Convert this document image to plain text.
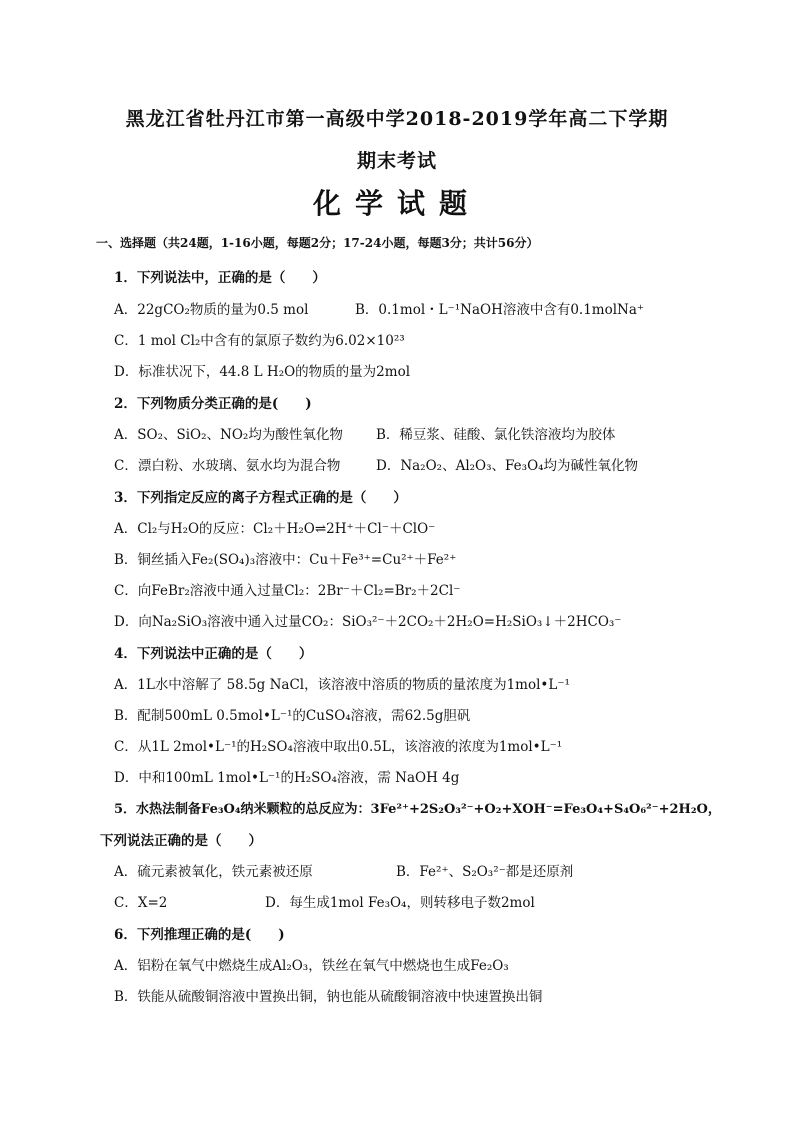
黑龙江省牡丹江市第一高级中学2018-2019学年高二下学期
期末考试
化学试题
一、选择题（共24题，1-16小题，每题2分；17-24小题，每题3分；共计56分）
1．下列说法中，正确的是（　　）
A．22gCO₂物质的量为0.5 mol	B．0.1mol・L⁻¹NaOH溶液中含有0.1molNa⁺
C．1 mol Cl₂中含有的氯原子数约为6.02×10²³
D．标准状况下，44.8 L H₂O的物质的量为2mol
2．下列物质分类正确的是(　　)
A．SO₂、SiO₂、NO₂均为酸性氧化物 B．稀豆浆、硅酸、氯化铁溶液均为胶体
C．漂白粉、水玻璃、氨水均为混合物	D．Na₂O₂、Al₂O₃、Fe₃O₄均为碱性氧化物
3．下列指定反应的离子方程式正确的是（　　）
A．Cl₂与H₂O的反应：Cl₂＋H₂O⇌2H⁺＋Cl⁻＋ClO⁻
B．铜丝插入Fe₂(SO₄)₃溶液中：Cu＋Fe³⁺=Cu²⁺＋Fe²⁺
C．向FeBr₂溶液中通入过量Cl₂：2Br⁻＋Cl₂=Br₂＋2Cl⁻
D．向Na₂SiO₃溶液中通入过量CO₂：SiO₃²⁻＋2CO₂＋2H₂O=H₂SiO₃↓＋2HCO₃⁻
4．下列说法中正确的是（　　）
A．1L水中溶解了 58.5g NaCl，该溶液中溶质的物质的量浓度为1mol•L⁻¹
B．配制500mL 0.5mol•L⁻¹的CuSO₄溶液，需62.5g胆矾
C．从1L 2mol•L⁻¹的H₂SO₄溶液中取出0.5L，该溶液的浓度为1mol•L⁻¹
D．中和100mL 1mol•L⁻¹的H₂SO₄溶液，需 NaOH 4g
5．水热法制备Fe₃O₄纳米颗粒的总反应为：3Fe²⁺+2S₂O₃²⁻+O₂+XOH⁻=Fe₃O₄+S₄O₆²⁻+2H₂O，
下列说法正确的是（　　）
A．硫元素被氧化，铁元素被还原	B．Fe²⁺、S₂O₃²⁻都是还原剂
C．X=2	D．每生成1mol Fe₃O₄，则转移电子数2mol
6．下列推理正确的是(　　)
A．铝粉在氧气中燃烧生成Al₂O₃，铁丝在氧气中燃烧也生成Fe₂O₃
B．铁能从硫酸铜溶液中置换出铜，钠也能从硫酸铜溶液中快速置换出铜
